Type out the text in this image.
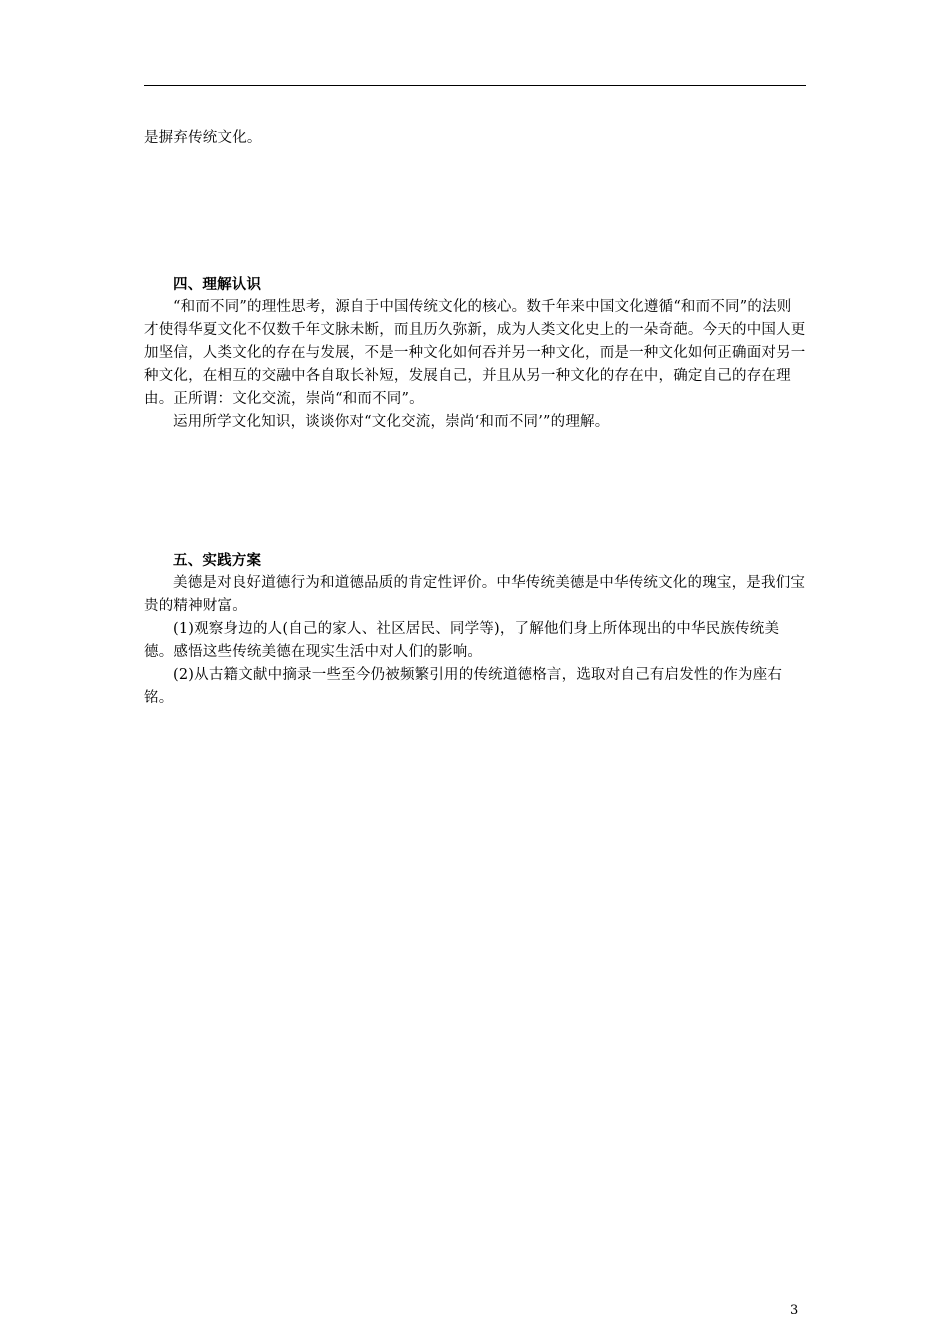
是摒弃传统文化。

四、理解认识

“和而不同”的理性思考，源自于中国传统文化的核心。数千年来中国文化遵循“和而不同”的法则才使得华夏文化不仅数千年文脉未断，而且历久弥新，成为人类文化史上的一朵奇葩。今天的中国人更加坚信，人类文化的存在与发展，不是一种文化如何吞并另一种文化，而是一种文化如何正确面对另一种文化，在相互的交融中各自取长补短，发展自己，并且从另一种文化的存在中，确定自己的存在理由。正所谓：文化交流，崇尚“和而不同”。

运用所学文化知识，谈谈你对“文化交流，崇尚‘和而不同’”的理解。

五、实践方案

美德是对良好道德行为和道德品质的肯定性评价。中华传统美德是中华传统文化的瑰宝，是我们宝贵的精神财富。

(1)观察身边的人(自己的家人、社区居民、同学等)，了解他们身上所体现出的中华民族传统美德。感悟这些传统美德在现实生活中对人们的影响。

(2)从古籍文献中摘录一些至今仍被频繁引用的传统道德格言，选取对自己有启发性的作为座右铭。

3
